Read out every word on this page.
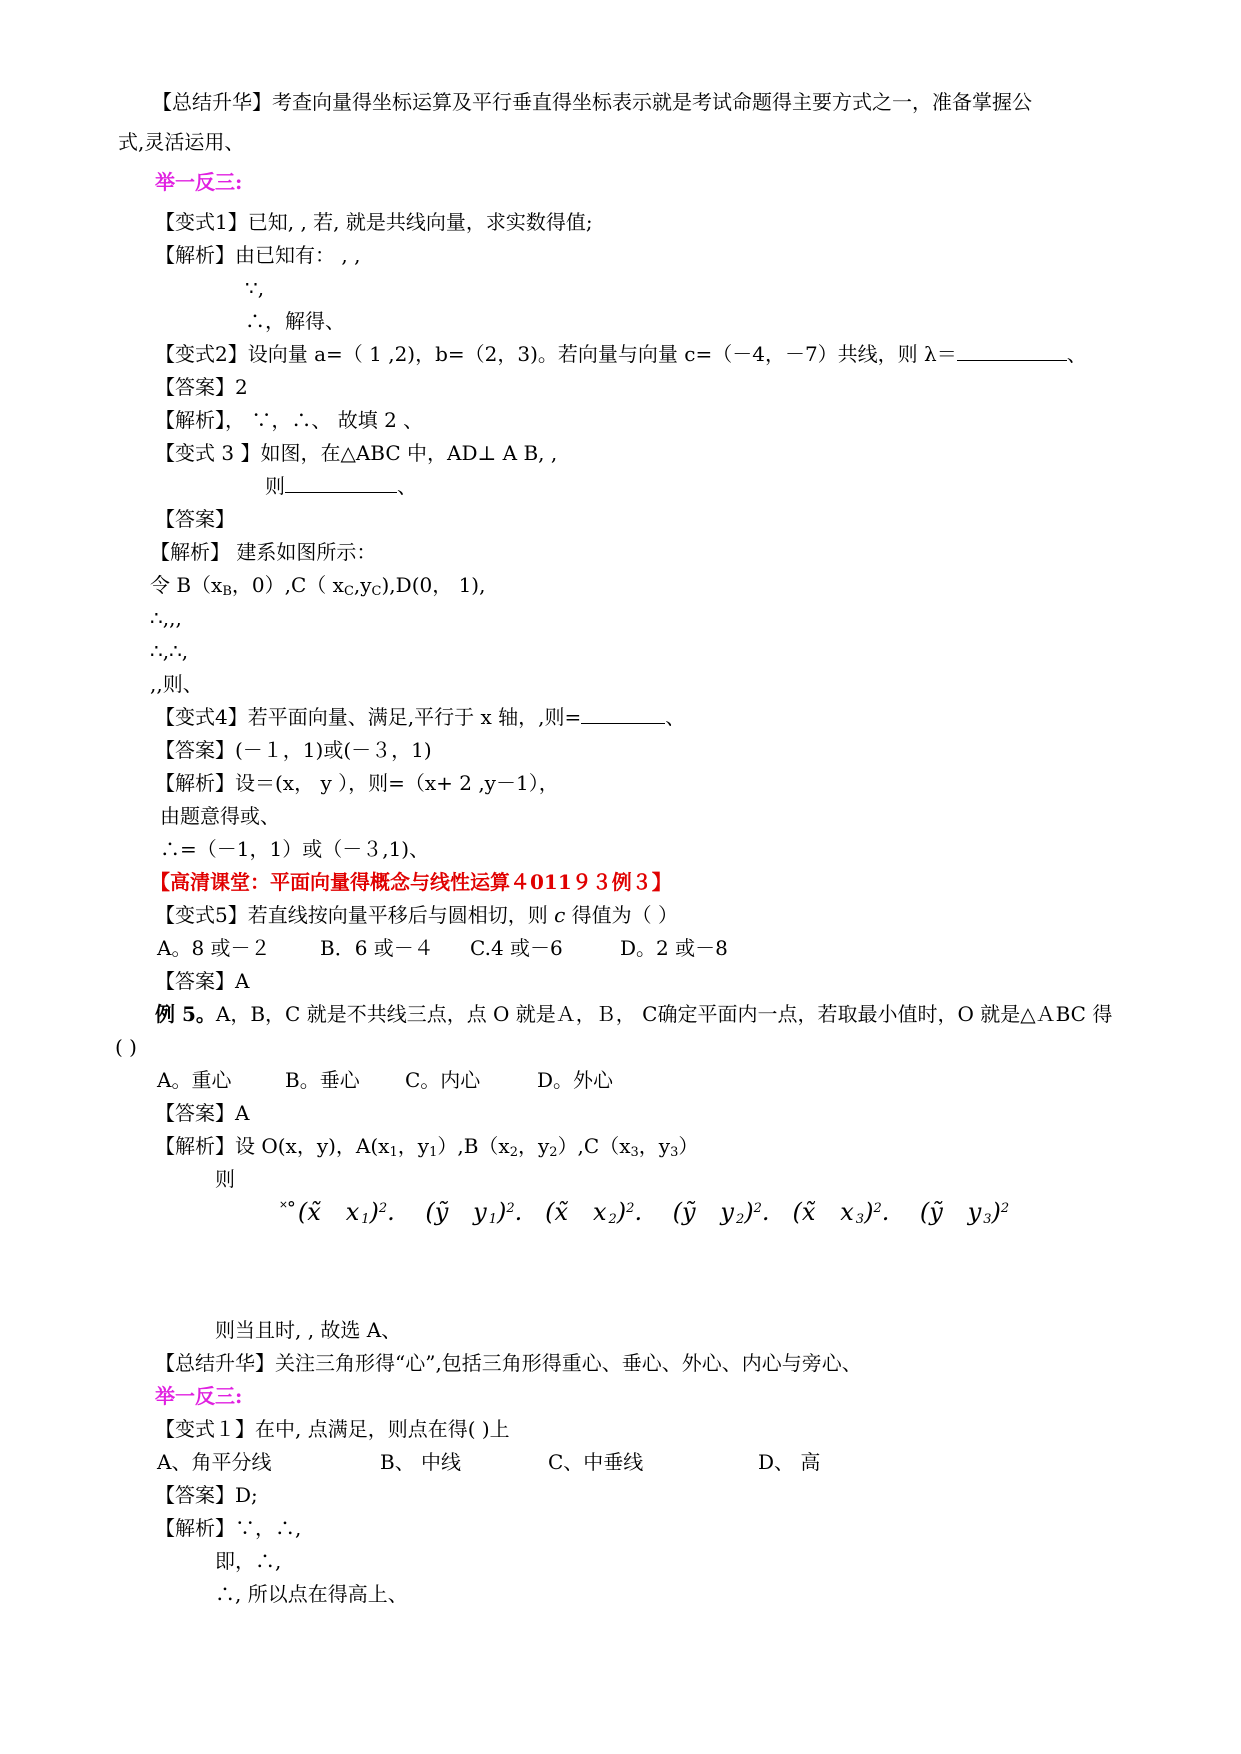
【总结升华】考查向量得坐标运算及平行垂直得坐标表示就是考试命题得主要方式之一，准备掌握公
式,灵活运用、
举一反三:
【变式1】已知, , 若, 就是共线向量，求实数得值;
【解析】由已知有： , ,
∵,
∴，解得、
【变式2】设向量 a=（ 1 ,2)，b=（2，3)。若向量与向量 c=（－4，－7）共线，则 λ＝	、
【答案】2
【解析】， ∵，∴、 故填 2 、
【变式 3 】如图，在△ABC 中，AD⊥ A B, ,
则	、
【答案】
【解析】 建系如图所示：
令 $B(x_B$，0）,C（ $x_C,y_C),D(0$， 1),
∴,,,
∴,∴,
,,则、
【变式4】若平面向量、满足,平行于 x 轴，,则=	、
【答案】(－１，1)或(－３，1)
【解析】设＝(x， y ），则=（x+ 2 ,y－1），
由题意得或、
∴=（－1，1）或（－３,1)、
【高清课堂：平面向量得概念与线性运算４011９３例３】
【变式5】若直线按向量平移后与圆相切，则 c 得值为（ ）
A。8 或－２ B．6 或－４ C.4 或－6	D。2 或－8
【答案】A
例 5。A，B，C 就是不共线三点，点 O 就是Ａ，Ｂ， C确定平面内一点，若取最小值时，O 就是△ＡBC 得
( )
A。重心	B。垂心 C。内心	D。外心
【答案】A
【解析】设 O(x，y)，$A(x_1$，$y_1),B(x_2$，$y_2),C(x_3$，$y_3$）
则
˟°(x̃ x $_1$)$^2$.    (ỹ y $_1$)$^2$.   (x̃ x $_2$)$^2$.    (ỹ y $_2$)$^2$.   (x̃ x $_3$)$^2$.    (ỹ y $_3$)$^2$
则当且时, , 故选 A、
【总结升华】关注三角形得“心”,包括三角形得重心、垂心、外心、内心与旁心、
举一反三:
【变式１】在中, 点满足，则点在得( )上
A、角平分线	B、 中线	C、中垂线	D、 高
【答案】D;
【解析】∵，∴,
即，∴,
∴, 所以点在得高上、
